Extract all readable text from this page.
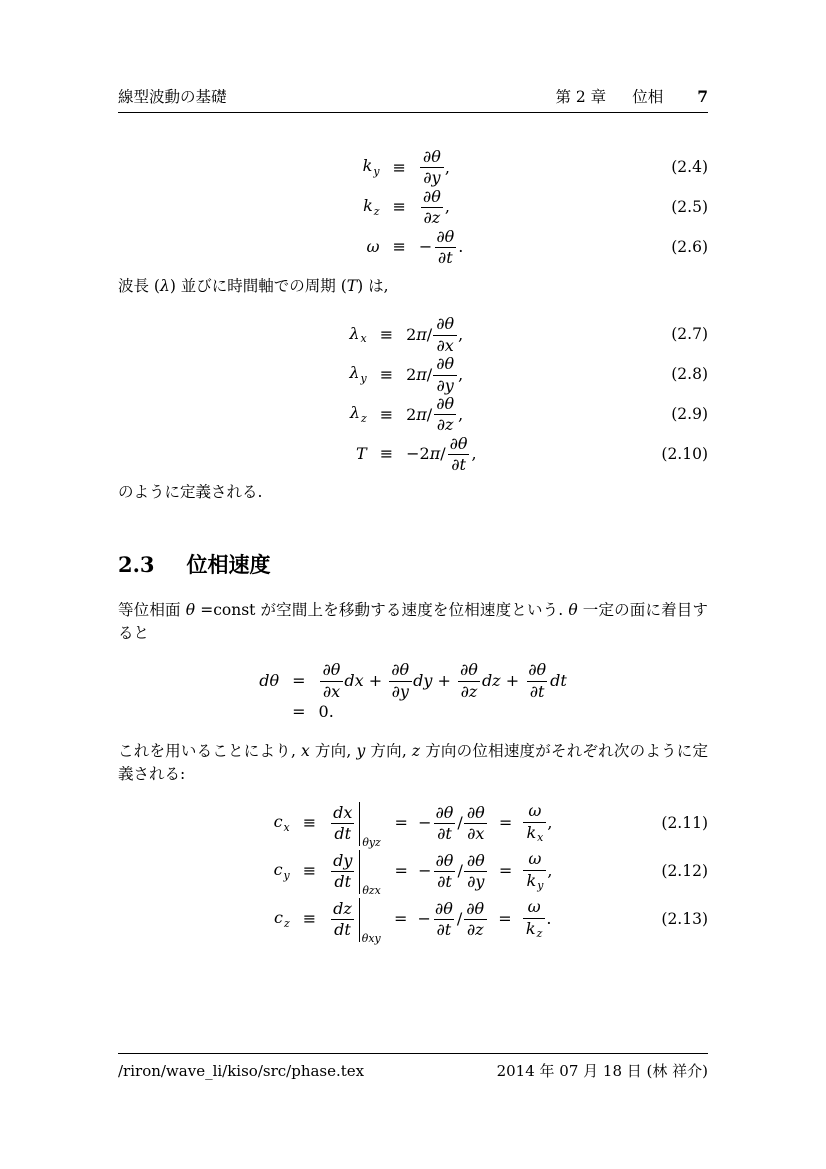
線型波動の基礎	第 2 章 位相 7
$k_y$ ≡
∂θ
∂y
,	(2.4)
$k_z$ ≡
∂θ
∂z
,	(2.5)
ω ≡ − $\frac{\partial\theta}{\partial t}$ .	(2.6)
波長 (λ) 並びに時間軸での周期 (T) は,
$\lambda_x \equiv 2$ π /
∂θ
∂x
,	(2.7)
$\lambda_y \equiv 2$ π /
∂θ
∂y
,	(2.8)
$\lambda_z \equiv 2$ π /
∂θ
∂z
,	(2.9)
T ≡ −2 π /
∂θ
∂t
,	(2.10)
のように定義される.
2.3 位相速度
等位相面 θ =const が空間上を移動する速度を位相速度という. θ 一定の面に着目すると
dθ =
∂θ
∂x
dx + $\frac{\partial\theta}{\partial y}$ dy + $\frac{\partial\theta}{\partial z}$ dz + $\frac{\partial\theta}{\partial t}$ dt
= 0.
これを用いることにより, x 方向, y 方向, z 方向の位相速度がそれぞれ次のように定義される:
$c_x$ ≡
dx
dt θyz
=  − $\frac{\partial\theta}{\partial t} / \frac{\partial\theta}{\partial x} = \frac{\omega}{k_x}$ ,	(2.11)
$c_y$ ≡
dy
dt θzx
=  − $\frac{\partial\theta}{\partial t} / \frac{\partial\theta}{\partial y} = \frac{\omega}{k_y}$ ,	(2.12)
$c_z$ ≡
dz
dt θxy
=  − $\frac{\partial\theta}{\partial t} / \frac{\partial\theta}{\partial z} = \frac{\omega}{k_z}$ .	(2.13)
/riron/wave_li/kiso/src/phase.tex	2014 年 07 月 18 日 (林 祥介)
